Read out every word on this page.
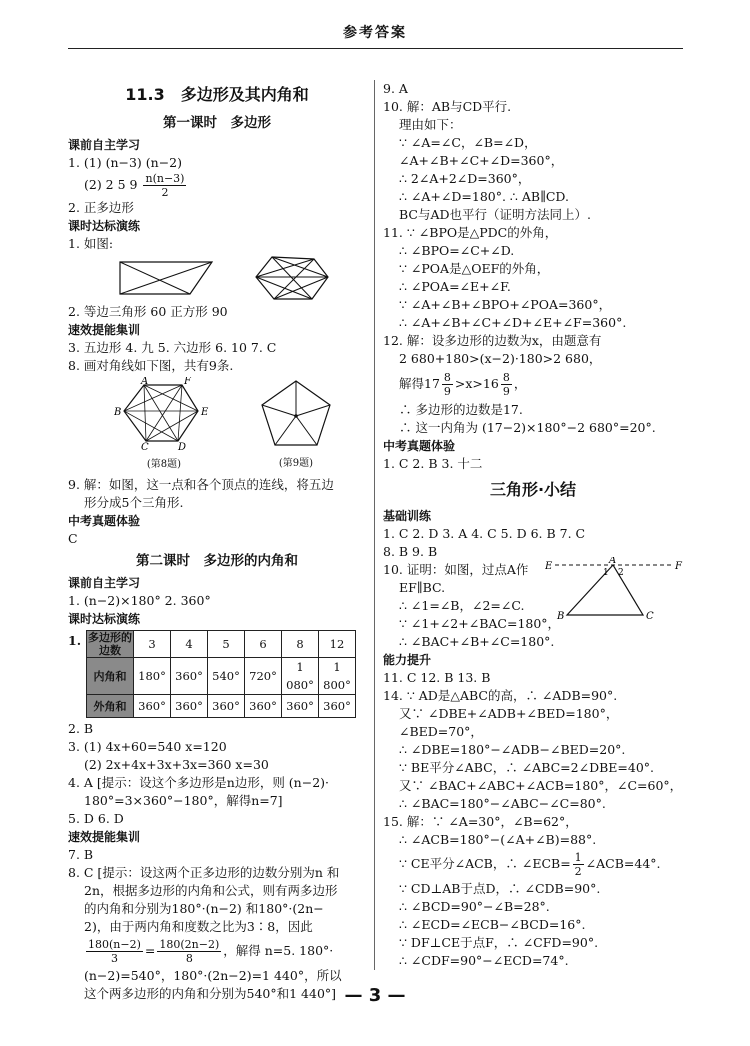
参考答案
11.3　多边形及其内角和
第一课时　多边形
课前自主学习
1. (1) (n−3) (n−2)
(2) 2 5 $9 \frac{n(n-3)}{2}$
2. 正多边形
课时达标演练
1. 如图:
2. 等边三角形 60 正方形 90
速效提能集训
3. 五边形 4. 九 5. 六边形 6. 10 7. C
8. 画对角线如下图，共有9条.
A	F
B	E
C	D
(第8题)	(第9题)
9. 解：如图，这一点和各个顶点的连线，将五边
形分成5个三角形.
中考真题体验
C
第二课时　多边形的内角和
课前自主学习
1. (n−2)×180° 2. 360°
课时达标演练
1. 多边形的边数	3	4	5	6	8	12
内角和	180°	360°	540°	720°	1 080°	1 800°
外角和	360°	360°	360°	360°	360°	360°
2. B
3. (1) 4x+60=540 x=120
(2) 2x+4x+3x+3x=360 x=30
4. A [提示：设这个多边形是n边形，则 (n−2)·
180°=3×360°−180°，解得n=7]
5. D 6. D
速效提能集训
7. B
8. C [提示：设这两个正多边形的边数分别为n 和
2n，根据多边形的内角和公式，则有两多边形
的内角和分别为180°·(n−2) 和180°·(2n−
2)，由于两内角和度数之比为3∶8，因此
$\frac{180(n-2)}{3} = \frac{180(2n-2)}{8}$ ，解得 n=5. 180°·
(n−2)=540°，180°·(2n−2)=1 440°，所以
这个两多边形的内角和分别为540°和1 440°]
9. A
10. 解：AB与CD平行.
理由如下：
∵ ∠A=∠C，∠B=∠D，
∠A+∠B+∠C+∠D=360°，
∴ 2∠A+2∠D=360°，
∴ ∠A+∠D=180°. ∴ AB∥CD.
BC与AD也平行（证明方法同上）.
11. ∵ ∠BPO是△PDC的外角，
∴ ∠BPO=∠C+∠D.
∵ ∠POA是△OEF的外角，
∴ ∠POA=∠E+∠F.
∵ ∠A+∠B+∠BPO+∠POA=360°，
∴ ∠A+∠B+∠C+∠D+∠E+∠F=360°.
12. 解：设多边形的边数为x，由题意有
2 680+180>(x−2)·180>2 680，
解得$17 \frac{8}{9} >x>16 \frac{8}{9}$ ，
∴ 多边形的边数是17.
∴ 这一内角为 (17−2)×180°−2 680°=20°.
中考真题体验
1. C 2. B 3. 十二
三角形·小结
基础训练
1. C 2. D 3. A 4. C 5. D 6. B 7. C
8. B 9. B
10. 证明：如图，过点A作
EF∥BC.
∴ ∠1=∠B，∠2=∠C.
∵ ∠1+∠2+∠BAC=180°，
∴ ∠BAC+∠B+∠C=180°.
E
A
F
1 2
B	C
能力提升
11. C 12. B 13. B
14. ∵ AD是△ABC的高，∴ ∠ADB=90°.
又∵ ∠DBE+∠ADB+∠BED=180°，
∠BED=70°，
∴ ∠DBE=180°−∠ADB−∠BED=20°.
∵ BE平分∠ABC，∴ ∠ABC=2∠DBE=40°.
又∵ ∠BAC+∠ABC+∠ACB=180°，∠C=60°，
∴ ∠BAC=180°−∠ABC−∠C=80°.
15. 解：∵ ∠A=30°，∠B=62°，
∴ ∠ACB=180°−(∠A+∠B)=88°.
∵ CE平分∠ACB，∴ ∠ECB= $\frac{1}{2}$ ∠ACB=44°.
∵ CD⊥AB于点D，∴ ∠CDB=90°.
∴ ∠BCD=90°−∠B=28°.
∴ ∠ECD=∠ECB−∠BCD=16°.
∵ DF⊥CE于点F，∴ ∠CFD=90°.
∴ ∠CDF=90°−∠ECD=74°.
— 3 —
